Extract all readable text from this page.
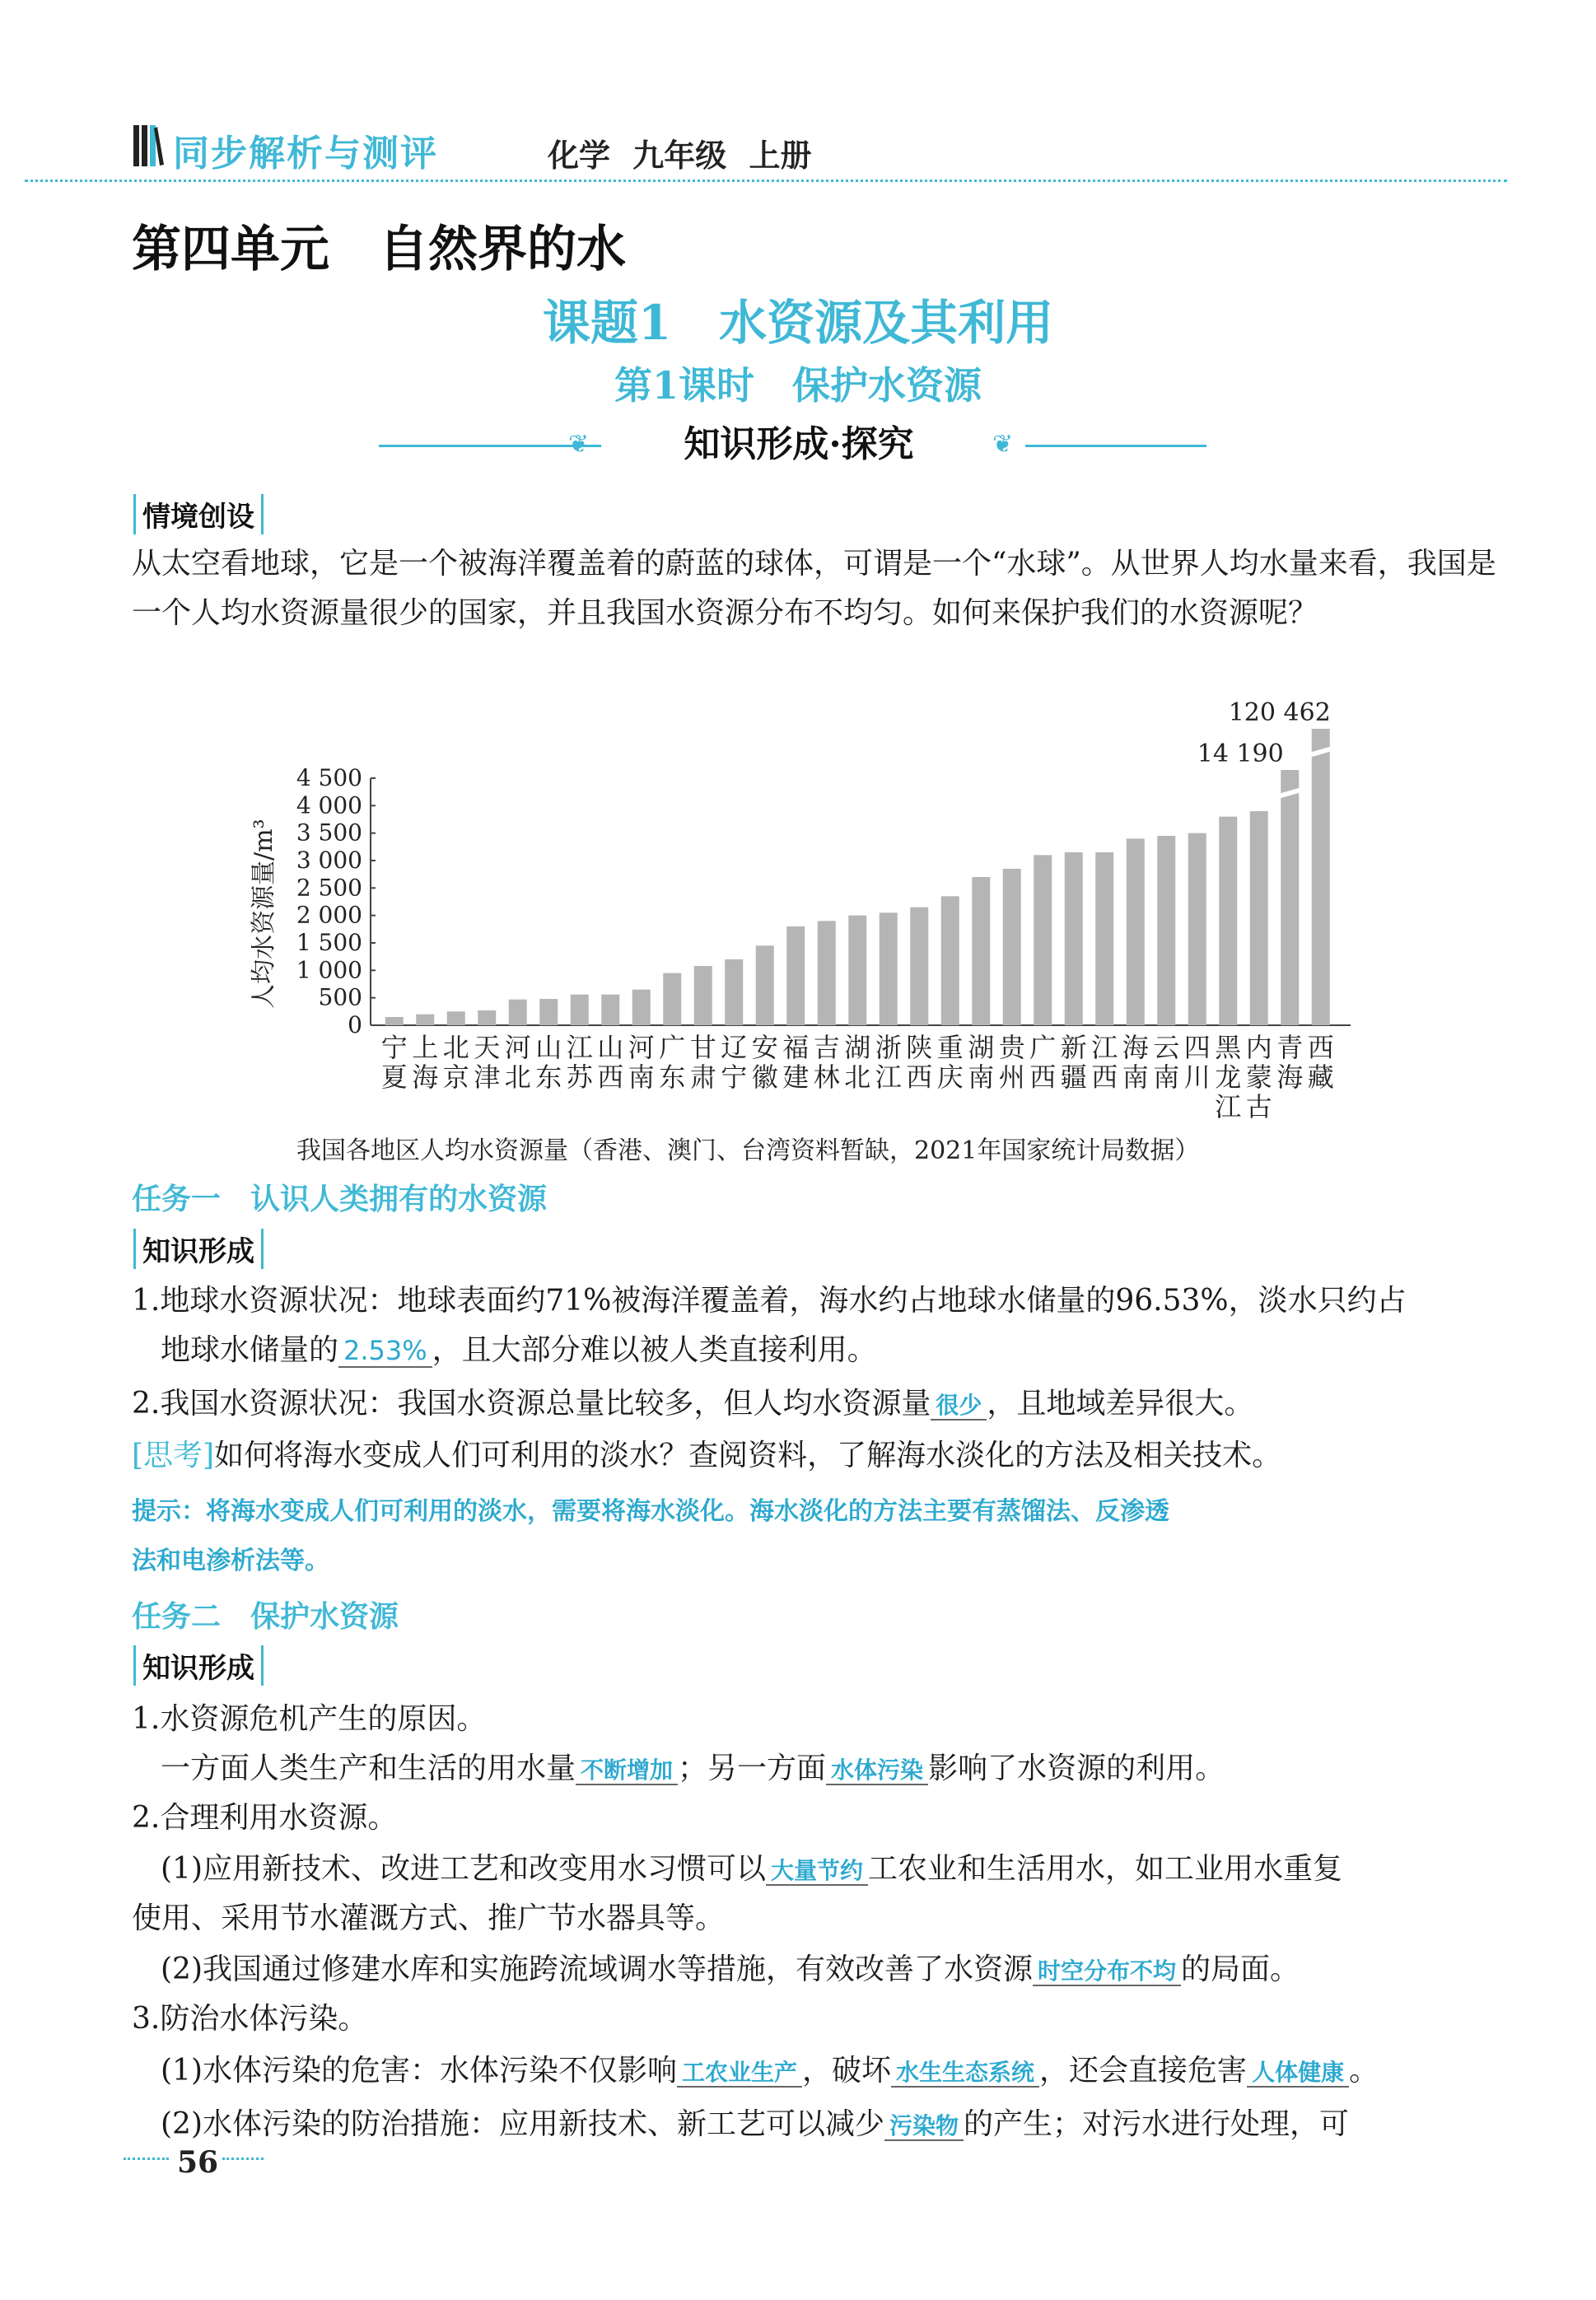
同步解析与测评	化学 九年级 上册
第四单元　自然界的水
课题1　水资源及其利用
第1课时　保护水资源
❦	知识形成·探究	❦
情境创设
从太空看地球，它是一个被海洋覆盖着的蔚蓝的球体，可谓是一个“水球”。从世界人均水量来看，我国是一个人均水资源量很少的国家，并且我国水资源分布不均匀。如何来保护我们的水资源呢？
人均水资源量/m³
4 500
4 000
3 500
3 000
2 500
2 000
1 500
1 000
500
0
宁
夏
上
海
北
京
天
津
河
北
山
东
江
苏
山
西
河
南
广
东
甘
肃
辽
宁
安
徽
福
建
吉
林
湖
北
浙
江
陕
西
重
庆
湖
南
贵
州
广
西
新
疆
江
西
海
南
云
南
四
川
黑
龙
江
内
蒙
古
青
海
西
藏
14 190
120 462
我国各地区人均水资源量（香港、澳门、台湾资料暂缺，2021年国家统计局数据）
任务一　认识人类拥有的水资源
知识形成
1.地球水资源状况：地球表面约71%被海洋覆盖着，海水约占地球水储量的96.53%，淡水只约占
地球水储量的 2.53% ，且大部分难以被人类直接利用。
2.我国水资源状况：我国水资源总量比较多，但人均水资源量 很少 ，且地域差异很大。
[思考]如何将海水变成人们可利用的淡水？查阅资料，了解海水淡化的方法及相关技术。
提示：将海水变成人们可利用的淡水，需要将海水淡化。海水淡化的方法主要有蒸馏法、反渗透
法和电渗析法等。
任务二　保护水资源
知识形成
1.水资源危机产生的原因。
一方面人类生产和生活的用水量 不断增加 ；另一方面 水体污染 影响了水资源的利用。
2.合理利用水资源。
(1)应用新技术、改进工艺和改变用水习惯可以 大量节约 工农业和生活用水，如工业用水重复
使用、采用节水灌溉方式、推广节水器具等。
(2)我国通过修建水库和实施跨流域调水等措施，有效改善了水资源 时空分布不均 的局面。
3.防治水体污染。
(1)水体污染的危害：水体污染不仅影响 工农业生产 ，破坏 水生生态系统 ，还会直接危害 人体健康 。
(2)水体污染的防治措施：应用新技术、新工艺可以减少 污染物 的产生；对污水进行处理，可
56
